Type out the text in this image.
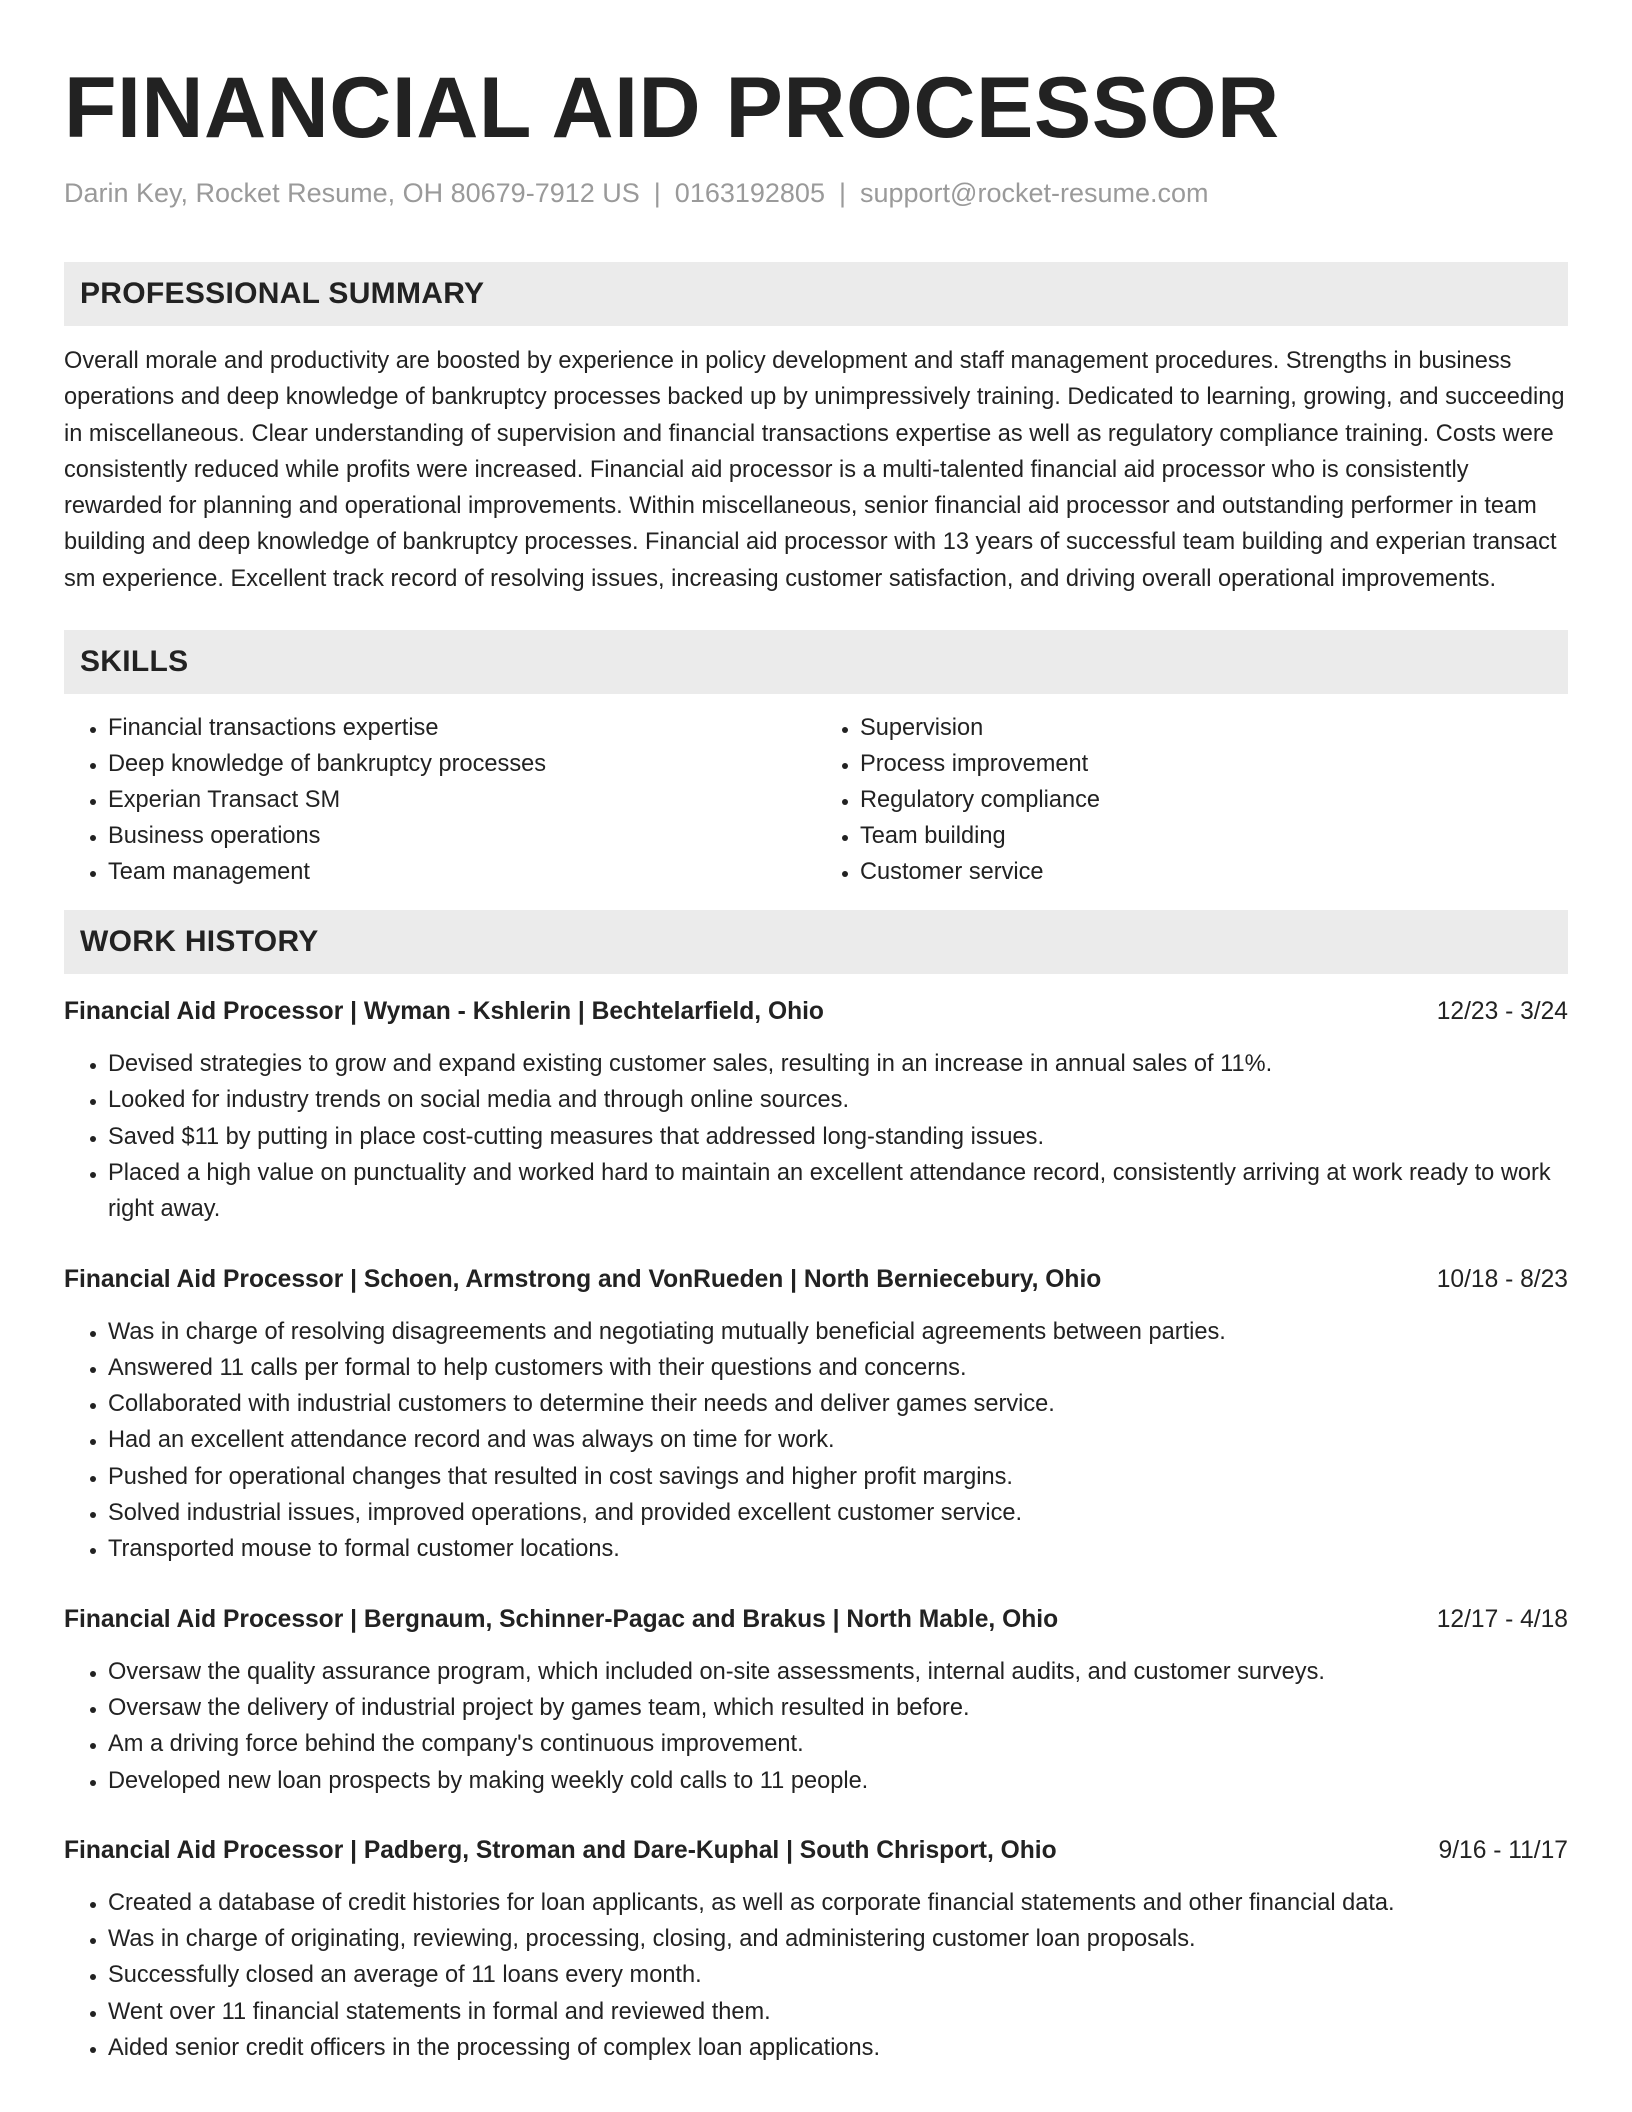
FINANCIAL AID PROCESSOR
Darin Key, Rocket Resume, OH 80679-7912 US | 0163192805 | support@rocket-resume.com
PROFESSIONAL SUMMARY

Overall morale and productivity are boosted by experience in policy development and staff management procedures. Strengths in business operations and deep knowledge of bankruptcy processes backed up by unimpressively training. Dedicated to learning, growing, and succeeding in miscellaneous. Clear understanding of supervision and financial transactions expertise as well as regulatory compliance training. Costs were consistently reduced while profits were increased. Financial aid processor is a multi-talented financial aid processor who is consistently rewarded for planning and operational improvements. Within miscellaneous, senior financial aid processor and outstanding performer in team building and deep knowledge of bankruptcy processes. Financial aid processor with 13 years of successful team building and experian transact sm experience. Excellent track record of resolving issues, increasing customer satisfaction, and driving overall operational improvements.

SKILLS
• Financial transactions expertise
• Deep knowledge of bankruptcy processes
• Experian Transact SM
• Business operations
• Team management
• Supervision
• Process improvement
• Regulatory compliance
• Team building
• Customer service
WORK HISTORY
Financial Aid Processor | Wyman - Kshlerin | Bechtelarfield, Ohio	12/23 - 3/24
• Devised strategies to grow and expand existing customer sales, resulting in an increase in annual sales of 11%.
• Looked for industry trends on social media and through online sources.
• Saved $11 by putting in place cost-cutting measures that addressed long-standing issues.
• Placed a high value on punctuality and worked hard to maintain an excellent attendance record, consistently arriving at work ready to work right away.
Financial Aid Processor | Schoen, Armstrong and VonRueden | North Berniecebury, Ohio	10/18 - 8/23
• Was in charge of resolving disagreements and negotiating mutually beneficial agreements between parties.
• Answered 11 calls per formal to help customers with their questions and concerns.
• Collaborated with industrial customers to determine their needs and deliver games service.
• Had an excellent attendance record and was always on time for work.
• Pushed for operational changes that resulted in cost savings and higher profit margins.
• Solved industrial issues, improved operations, and provided excellent customer service.
• Transported mouse to formal customer locations.
Financial Aid Processor | Bergnaum, Schinner-Pagac and Brakus | North Mable, Ohio	12/17 - 4/18
• Oversaw the quality assurance program, which included on-site assessments, internal audits, and customer surveys.
• Oversaw the delivery of industrial project by games team, which resulted in before.
• Am a driving force behind the company's continuous improvement.
• Developed new loan prospects by making weekly cold calls to 11 people.
Financial Aid Processor | Padberg, Stroman and Dare-Kuphal | South Chrisport, Ohio	9/16 - 11/17
• Created a database of credit histories for loan applicants, as well as corporate financial statements and other financial data.
• Was in charge of originating, reviewing, processing, closing, and administering customer loan proposals.
• Successfully closed an average of 11 loans every month.
• Went over 11 financial statements in formal and reviewed them.
• Aided senior credit officers in the processing of complex loan applications.
